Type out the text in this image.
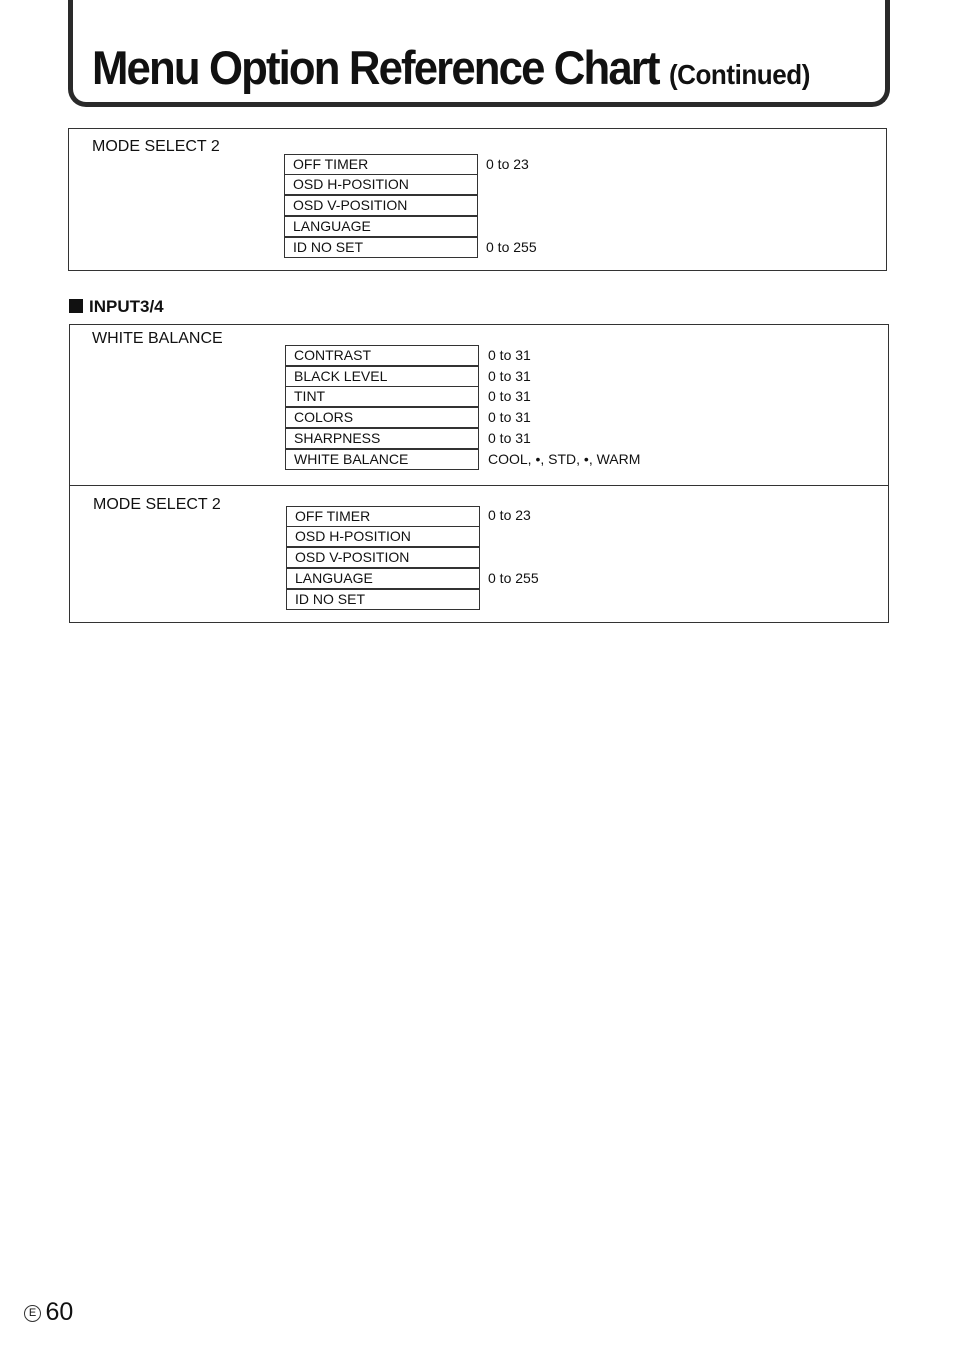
Menu Option Reference Chart (Continued)
MODE SELECT 2
OFF TIMER
OSD H-POSITION
OSD V-POSITION
LANGUAGE
ID NO SET
0 to 23
0 to 255
INPUT3/4
WHITE BALANCE
CONTRAST
BLACK LEVEL
TINT
COLORS
SHARPNESS
WHITE BALANCE
0 to 31
0 to 31
0 to 31
0 to 31
0 to 31
COOL, •, STD, •, WARM
MODE SELECT 2
OFF TIMER
OSD H-POSITION
OSD V-POSITION
LANGUAGE
ID NO SET
0 to 23
0 to 255
E 60
